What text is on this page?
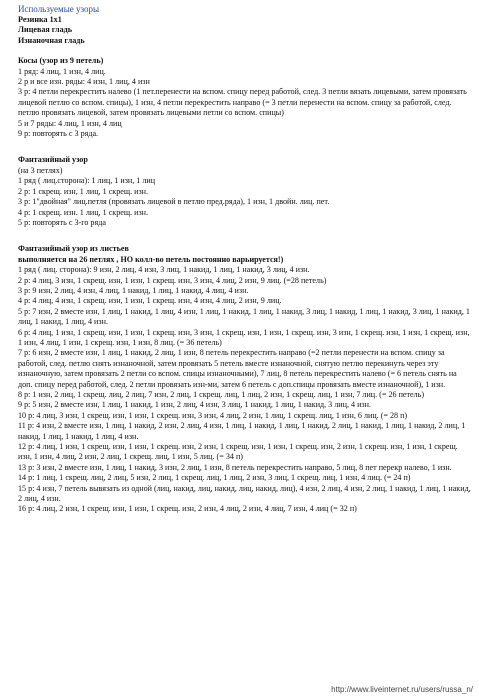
Используемые узоры

Резинка 1х1

Лицевая гладь

Изнаночная гладь

Косы (узор из 9 петель)

1 ряд: 4 лиц, 1 изн, 4 лиц.

2 р и все изн. ряды: 4 изн, 1 лиц, 4 изн

3 р: 4 петли перекрестить налево (1 пет.перенести на вспом. спицу перед работой, след. 3 петли вязать лицевыми, затем провязать лицевой петлю со вспом. спицы), 1 изн, 4 петли перекрестить направо (= 3 петли перенести на вспом. спицу за работой, след. петлю провязать лицевой, затем провязать лицевыми петли со вспом. спицы)

5 и 7 ряды: 4 лиц, 1 изн, 4 лиц

9 р: повторять с 3 ряда.

Фантазийный узор

(на 3 петлях)

1 ряд ( лиц.сторона): 1 лиц, 1 изн, 1 лиц

2 р: 1 скрещ. изн, 1 лиц, 1 скрещ. изн.

3 р: 1"двойная" лиц.петля (провязать лицевой в петлю пред.ряда), 1 изн, 1 двойн. лиц. пет.

4 р: 1 скрещ. изн. 1 лиц, 1 скрещ. изн.

5 р: повторять с 3-го ряда

Фантазийный узор из листьев

выполняется на 26 петлях , НО колл-во петель постоянно варьируется!)

1 ряд ( лиц. сторона): 9 изн, 2 лиц, 4 изн, 3 лиц, 1 накид, 1 лиц, 1 накид, 3 лиц, 4 изн.

2 р: 4 лиц, 3 изн, 1 скрещ. изн, 1 изн, 1 скрещ. изн, 3 изн, 4 лиц, 2 изн, 9 лиц. (=28 петель)

3 р: 9 изн, 2 лиц, 4 изн, 4 лиц, 1 накид, 1 лиц, 1 накид, 4 лиц, 4 изн.

4 р: 4 лиц, 4 изн, 1 скрещ. изн, 1 изн, 1 скрещ. изн, 4 изн, 4 лиц, 2 изн, 9 лиц.

5 р: 7 изн, 2 вместе изн, 1 лиц, 1 накид, 1 лиц, 4 изн, 1 лиц, 1 накид, 1 лиц, 1 накид, 3 лиц, 1 накид, 1 лиц, 1 накид, 3 лиц, 1 накид, 1 лиц, 1 накид, 1 лиц, 4 изн.

6 р: 4 лиц, 1 изн, 1 скрещ. изн, 1 изн, 1 скрещ. изн, 3 изн, 1 скрещ. изн, 1 изн, 1 скрещ. изн, 3 изн, 1 скрещ. изн, 1 изн, 1 скрещ. изн, 1 изн, 4 лиц, 1 изн, 1 скрещ. изн, 1 изн, 8 лиц. (= 36 петель)

7 р: 6 изн, 2 вместе изн, 1 лиц, 1 накид, 2 лиц, 1 изн, 8 петель перекрестить направо (=2 петли перенести на вспом. спицу за работой, след. петлю снять изнаночной, затем провязать 5 петель вместе изнаночной, снятую петлю перекинуть через эту изнаночную, затем провязать 2 петли со вспом. спицы изнаночными), 7 лиц, 8 петель перекрестить налево (= 6 петель снять на доп. спицу перед работой, след. 2 петли провязать изн-ми, затем 6 петель с доп.спицы провязать вместе изнаночной), 1 изн.

8 р: 1 изн, 2 лиц, 1 скрещ. лиц, 2 лиц, 7 изн, 2 лиц, 1 скрещ. лиц, 1 лиц, 2 изн, 1 скрещ. лиц, 1 изн, 7 лиц. (= 26 петель)

9 р: 5 изн, 2 вместе изн, 1 лиц, 1 накид, 1 изн, 2 лиц, 4 изн, 3 лиц, 1 накид, 1 лиц, 1 накид, 3 лиц, 4 изн.

10 р: 4 лиц, 3 изн, 1 скрещ. изн, 1 изн, 1 скрещ. изн, 3 изн, 4 лиц, 2 изн, 1 лиц, 1 скрещ. лиц, 1 изн, 6 лиц. (= 28 п)

11 р: 4 изн, 2 вместе изн, 1 лиц, 1 накид, 2 изн, 2 лиц, 4 изн, 1 лиц, 1 накид, 1 лиц, 1 накид, 2 лиц, 1 накид, 1 лиц, 1 накид, 2 лиц, 1 накид, 1 лиц, 1 накид, 1 лиц, 4 изн.

12 р: 4 лиц, 1 изн, 1 скрещ. изн, 1 изн, 1 скрещ. изн, 2 изн, 1 скрещ. изн, 1 изн, 1 скрещ. изн, 2 изн, 1 скрещ. изн, 1 изн, 1 скрещ. изн, 1 изн, 4 лиц, 2 изн, 2 лиц, 1 скрещ. лиц, 1 изн, 5 лиц. (= 34 п)

13 р: 3 изн, 2 вместе изн, 1 лиц, 1 накид, 3 изн, 2 лиц, 1 изн, 8 петель перекрестить направо, 5 лиц, 8 пет перекр налево, 1 изн.

14 р: 1 лиц, 1 скрещ. лиц, 2 лиц, 5 изн, 2 лиц, 1 скрещ. лиц, 1 лиц, 2 изн, 3 лиц, 1 скрещ. лиц, 1 изн, 4 лиц. (= 24 п)

15 р: 4 изн, 7 петель вывязать из одной (лиц, накид, лиц, накид, лиц, накид, лиц), 4 изн, 2 лиц, 4 изн, 2 лиц, 1 накид, 1 лиц, 1 накид, 2 лиц, 4 изн.

16 р: 4 лиц, 2 изн, 1 скрещ. изн, 1 изн, 1 скрещ. изн, 2 изн, 4 лиц, 2 изн, 4 лиц, 7 изн, 4 лиц (= 32 п)

http://www.liveinternet.ru/users/russa_n/
